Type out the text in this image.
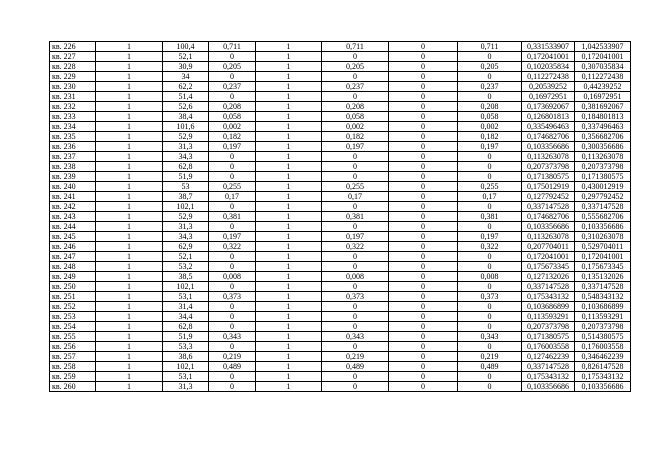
кв. 226	1	100,4	0,711	1	0,711	0	0,711	0,331533907	1,042533907
кв. 227	1	52,1	0	1	0	0	0	0,172041001	0,172041001
кв. 228	1	30,9	0,205	1	0,205	0	0,205	0,102035834	0,307035834
кв. 229	1	34	0	1	0	0	0	0,112272438	0,112272438
кв. 230	1	62,2	0,237	1	0,237	0	0,237	0,20539252	0,44239252
кв. 231	1	51,4	0	1	0	0	0	0,16972951	0,16972951
кв. 232	1	52,6	0,208	1	0,208	0	0,208	0,173692067	0,381692067
кв. 233	1	38,4	0,058	1	0,058	0	0,058	0,126801813	0,184801813
кв. 234	1	101,6	0,002	1	0,002	0	0,002	0,335496463	0,337496463
кв. 235	1	52,9	0,182	1	0,182	0	0,182	0,174682706	0,356682706
кв. 236	1	31,3	0,197	1	0,197	0	0,197	0,103356686	0,300356686
кв. 237	1	34,3	0	1	0	0	0	0,113263078	0,113263078
кв. 238	1	62,8	0	1	0	0	0	0,207373798	0,207373798
кв. 239	1	51,9	0	1	0	0	0	0,171380575	0,171380575
кв. 240	1	53	0,255	1	0,255	0	0,255	0,175012919	0,430012919
кв. 241	1	38,7	0,17	1	0,17	0	0,17	0,127792452	0,297792452
кв. 242	1	102,1	0	1	0	0	0	0,337147528	0,337147528
кв. 243	1	52,9	0,381	1	0,381	0	0,381	0,174682706	0,555682706
кв. 244	1	31,3	0	1	0	0	0	0,103356686	0,103356686
кв. 245	1	34,3	0,197	1	0,197	0	0,197	0,113263078	0,310263078
кв. 246	1	62,9	0,322	1	0,322	0	0,322	0,207704011	0,529704011
кв. 247	1	52,1	0	1	0	0	0	0,172041001	0,172041001
кв. 248	1	53,2	0	1	0	0	0	0,175673345	0,175673345
кв. 249	1	38,5	0,008	1	0,008	0	0,008	0,127132026	0,135132026
кв. 250	1	102,1	0	1	0	0	0	0,337147528	0,337147528
кв. 251	1	53,1	0,373	1	0,373	0	0,373	0,175343132	0,548343132
кв. 252	1	31,4	0	1	0	0	0	0,103686899	0,103686899
кв. 253	1	34,4	0	1	0	0	0	0,113593291	0,113593291
кв. 254	1	62,8	0	1	0	0	0	0,207373798	0,207373798
кв. 255	1	51,9	0,343	1	0,343	0	0,343	0,171380575	0,514380575
кв. 256	1	53,3	0	1	0	0	0	0,176003558	0,176003558
кв. 257	1	38,6	0,219	1	0,219	0	0,219	0,127462239	0,346462239
кв. 258	1	102,1	0,489	1	0,489	0	0,489	0,337147528	0,826147528
кв. 259	1	53,1	0	1	0	0	0	0,175343132	0,175343132
кв. 260	1	31,3	0	1	0	0	0	0,103356686	0,103356686
